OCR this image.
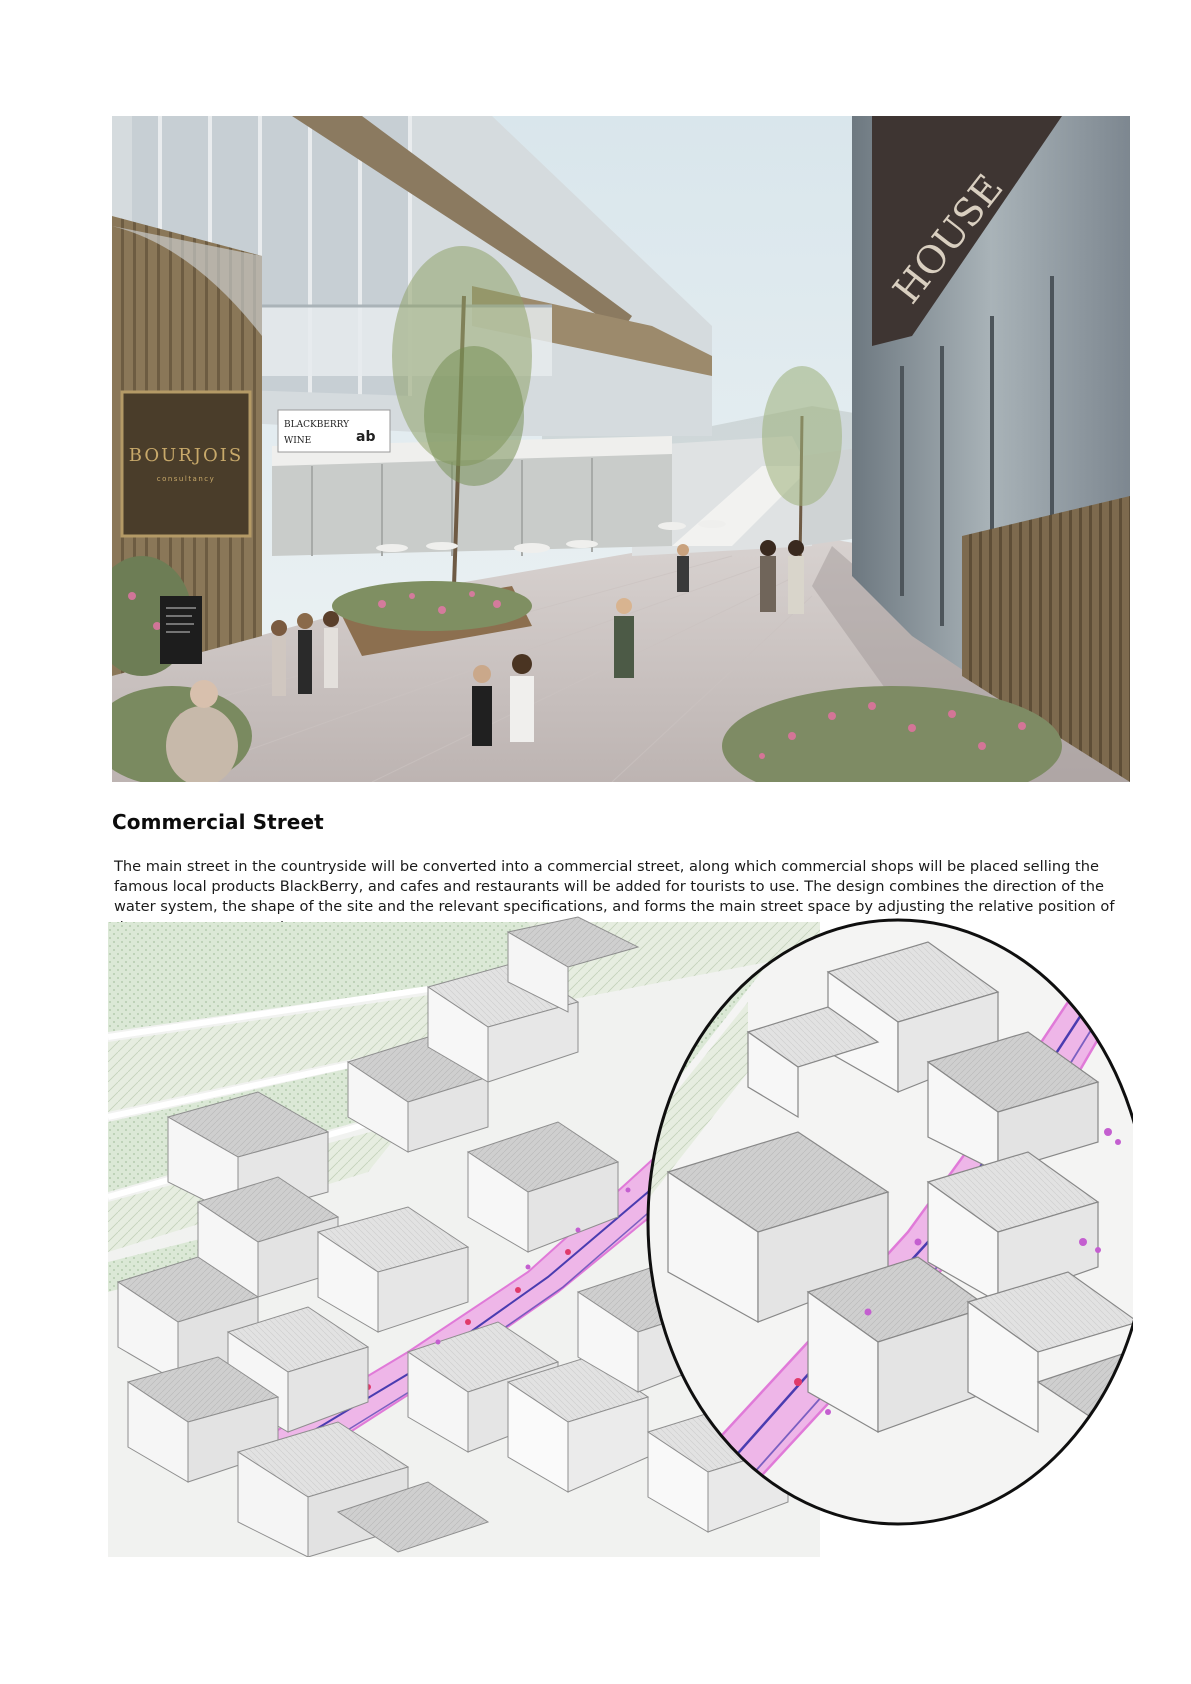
BOURJOIS
consultancy
BLACKBERRY
WINE	ab
HOUSE
Commercial Street

The main street in the countryside will be converted into a commercial street, along which commercial shops will be placed selling the famous local products BlackBerry, and cafes and restaurants will be added for tourists to use. The design combines the direction of the water system, the shape of the site and the relevant specifications, and forms the main street space by adjusting the relative position of
